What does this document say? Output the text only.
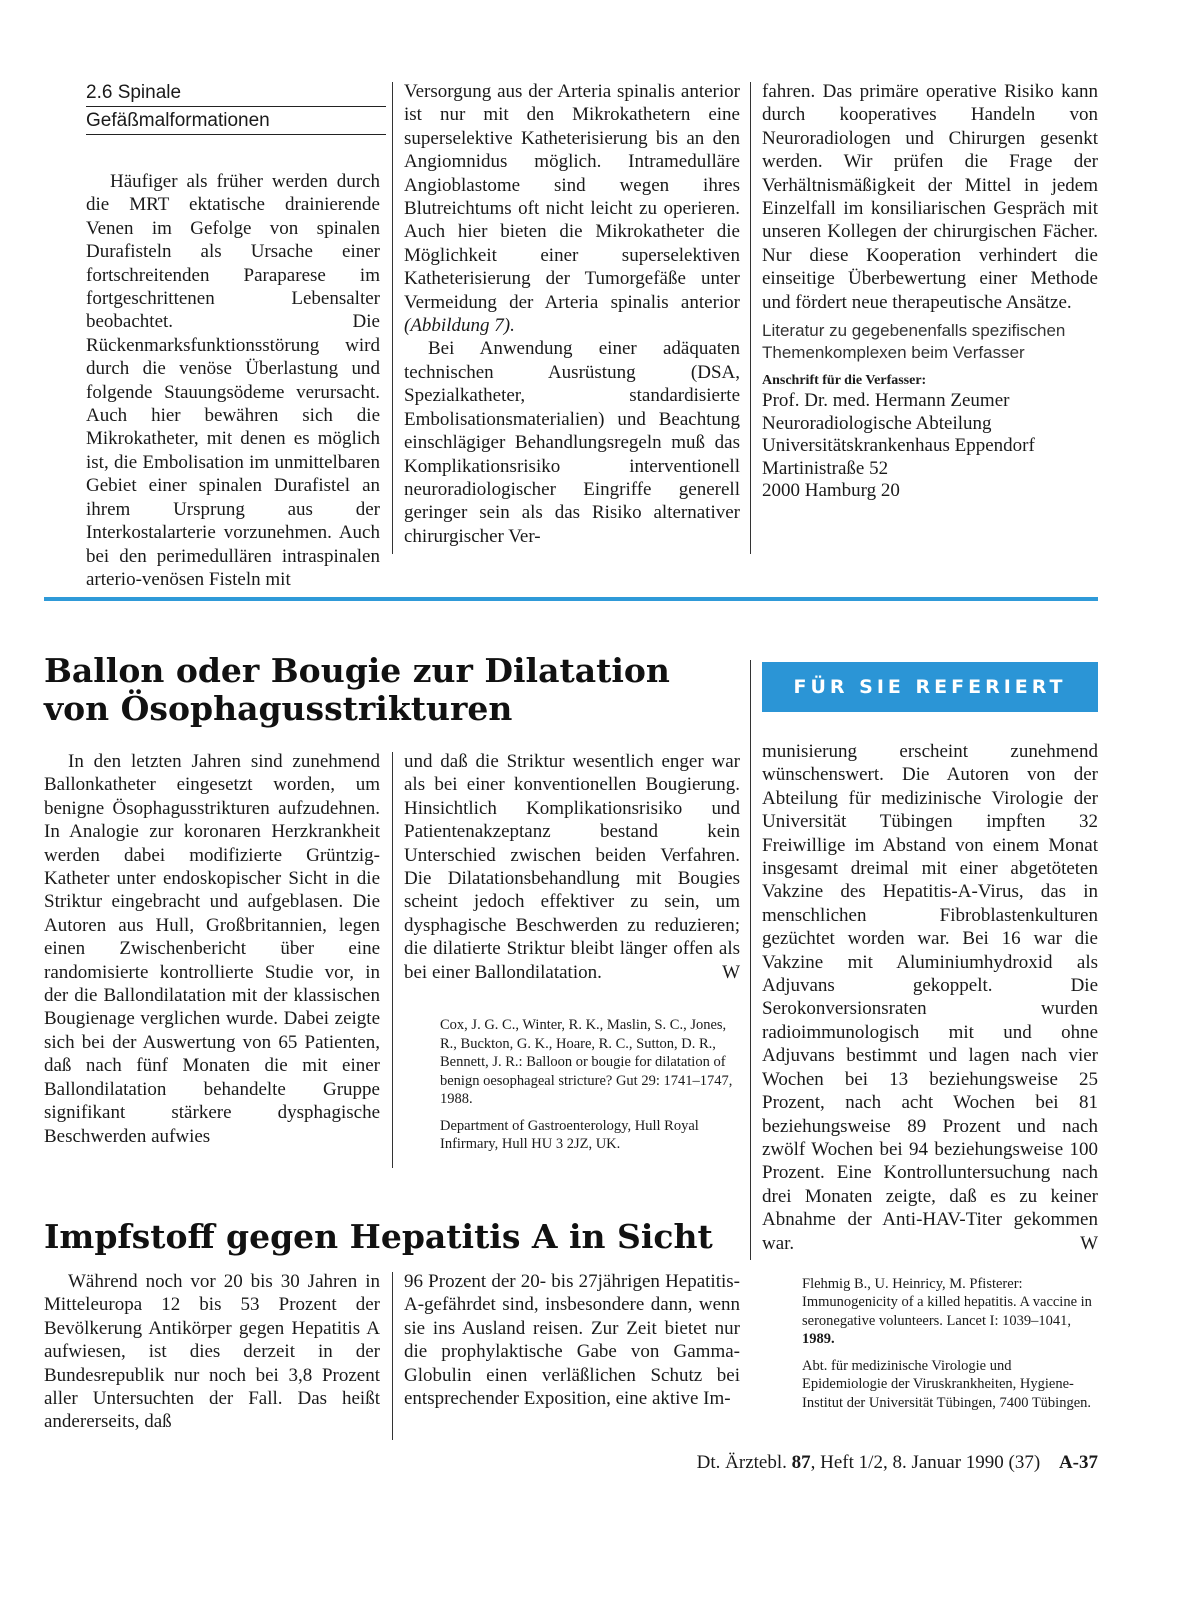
2.6 Spinale
Gefäßmalformationen

Häufiger als früher werden durch die MRT ektatische drainierende Venen im Gefolge von spinalen Durafisteln als Ursache einer fortschreitenden Paraparese im fortgeschrittenen Lebensalter beobachtet. Die Rückenmarksfunktionsstörung wird durch die venöse Überlastung und folgende Stauungsödeme verursacht. Auch hier bewähren sich die Mikrokatheter, mit denen es möglich ist, die Embolisation im unmittelbaren Gebiet einer spinalen Durafistel an ihrem Ursprung aus der Interkostalarterie vorzunehmen. Auch bei den perimedullären intraspinalen arterio-venösen Fisteln mit

Versorgung aus der Arteria spinalis anterior ist nur mit den Mikrokathetern eine superselektive Katheterisierung bis an den Angiomnidus möglich. Intramedulläre Angioblastome sind wegen ihres Blutreichtums oft nicht leicht zu operieren. Auch hier bieten die Mikrokatheter die Möglichkeit einer superselektiven Katheterisierung der Tumorgefäße unter Vermeidung der Arteria spinalis anterior (Abbildung 7).

Bei Anwendung einer adäquaten technischen Ausrüstung (DSA, Spezialkatheter, standardisierte Embolisationsmaterialien) und Beachtung einschlägiger Behandlungsregeln muß das Komplikationsrisiko interventionell neuroradiologischer Eingriffe generell geringer sein als das Risiko alternativer chirurgischer Ver-

fahren. Das primäre operative Risiko kann durch kooperatives Handeln von Neuroradiologen und Chirurgen gesenkt werden. Wir prüfen die Frage der Verhältnismäßigkeit der Mittel in jedem Einzelfall im konsiliarischen Gespräch mit unseren Kollegen der chirurgischen Fächer. Nur diese Kooperation verhindert die einseitige Überbewertung einer Methode und fördert neue therapeutische Ansätze.

Literatur zu gegebenenfalls spezifischen Themenkomplexen beim Verfasser

Anschrift für die Verfasser:
Prof. Dr. med. Hermann Zeumer
Neuroradiologische Abteilung
Universitätskrankenhaus Eppendorf
Martinistraße 52
2000 Hamburg 20
Ballon oder Bougie zur Dilatation
von Ösophagusstrikturen

In den letzten Jahren sind zunehmend Ballonkatheter eingesetzt worden, um benigne Ösophagusstrikturen aufzudehnen. In Analogie zur koronaren Herzkrankheit werden dabei modifizierte Grüntzig-Katheter unter endoskopischer Sicht in die Striktur eingebracht und aufgeblasen. Die Autoren aus Hull, Großbritannien, legen einen Zwischenbericht über eine randomisierte kontrollierte Studie vor, in der die Ballondilatation mit der klassischen Bougienage verglichen wurde. Dabei zeigte sich bei der Auswertung von 65 Patienten, daß nach fünf Monaten die mit einer Ballondilatation behandelte Gruppe signifikant stärkere dysphagische Beschwerden aufwies

und daß die Striktur wesentlich enger war als bei einer konventionellen Bougierung. Hinsichtlich Komplikationsrisiko und Patientenakzeptanz bestand kein Unterschied zwischen beiden Verfahren. Die Dilatationsbehandlung mit Bougies scheint jedoch effektiver zu sein, um dysphagische Beschwerden zu reduzieren; die dilatierte Striktur bleibt länger offen als bei einer Ballondilatation.	W

Cox, J. G. C., Winter, R. K., Maslin, S. C., Jones, R., Buckton, G. K., Hoare, R. C., Sutton, D. R., Bennett, J. R.: Balloon or bougie for dilatation of benign oesophageal stricture? Gut 29: 1741–1747, 1988.

Department of Gastroenterology, Hull Royal Infirmary, Hull HU 3 2JZ, UK.

FÜR SIE REFERIERT
Impfstoff gegen Hepatitis A in Sicht

Während noch vor 20 bis 30 Jahren in Mitteleuropa 12 bis 53 Prozent der Bevölkerung Antikörper gegen Hepatitis A aufwiesen, ist dies derzeit in der Bundesrepublik nur noch bei 3,8 Prozent aller Untersuchten der Fall. Das heißt andererseits, daß

96 Prozent der 20- bis 27jährigen Hepatitis-A-gefährdet sind, insbesondere dann, wenn sie ins Ausland reisen. Zur Zeit bietet nur die prophylaktische Gabe von Gamma-Globulin einen verläßlichen Schutz bei entsprechender Exposition, eine aktive Im-

munisierung erscheint zunehmend wünschenswert. Die Autoren von der Abteilung für medizinische Virologie der Universität Tübingen impften 32 Freiwillige im Abstand von einem Monat insgesamt dreimal mit einer abgetöteten Vakzine des Hepatitis-A-Virus, das in menschlichen Fibroblastenkulturen gezüchtet worden war. Bei 16 war die Vakzine mit Aluminiumhydroxid als Adjuvans gekoppelt. Die Serokonversionsraten wurden radioimmunologisch mit und ohne Adjuvans bestimmt und lagen nach vier Wochen bei 13 beziehungsweise 25 Prozent, nach acht Wochen bei 81 beziehungsweise 89 Prozent und nach zwölf Wochen bei 94 beziehungsweise 100 Prozent. Eine Kontrolluntersuchung nach drei Monaten zeigte, daß es zu keiner Abnahme der Anti-HAV-Titer gekommen war.	W

Flehmig B., U. Heinricy, M. Pfisterer: Immunogenicity of a killed hepatitis. A vaccine in seronegative volunteers. Lancet I: 1039–1041, 1989.

Abt. für medizinische Virologie und Epidemiologie der Viruskrankheiten, Hygiene-Institut der Universität Tübingen, 7400 Tübingen.

Dt. Ärztebl. 87, Heft 1/2, 8. Januar 1990 (37) A-37
